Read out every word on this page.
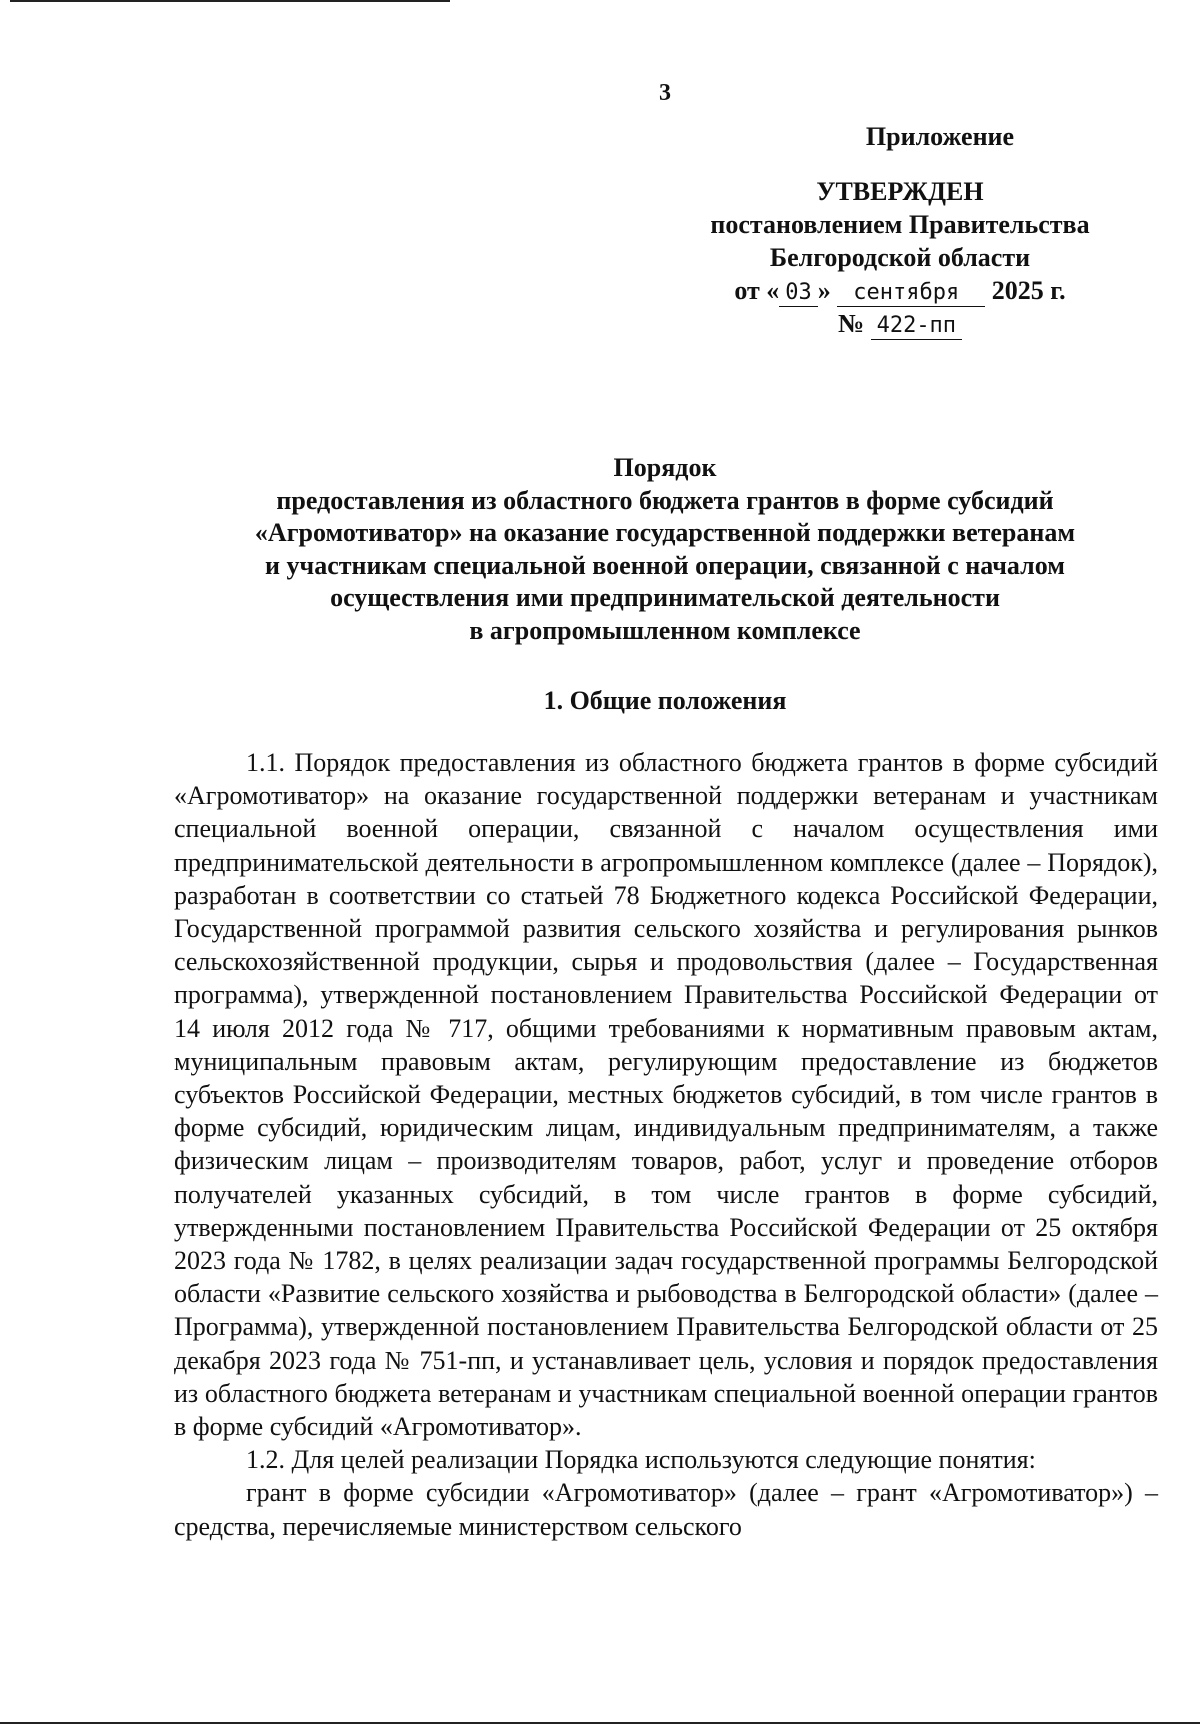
3
Приложение
УТВЕРЖДЕН
постановлением Правительства
Белгородской области
от « 03 » сентября 2025 г.
№ 422-пп
Порядок
предоставления из областного бюджета грантов в форме субсидий
«Агромотиватор» на оказание государственной поддержки ветеранам
и участникам специальной военной операции, связанной с началом
осуществления ими предпринимательской деятельности
в агропромышленном комплексе
1. Общие положения

1.1. Порядок предоставления из областного бюджета грантов в форме субсидий «Агромотиватор» на оказание государственной поддержки ветеранам и участникам специальной военной операции, связанной с началом осуществления ими предпринимательской деятельности в агропромышленном комплексе (далее – Порядок), разработан в соответствии со статьей 78 Бюджетного кодекса Российской Федерации, Государственной программой развития сельского хозяйства и регулирования рынков сельскохозяйственной продукции, сырья и продовольствия (далее – Государственная программа), утвержденной постановлением Правительства Российской Федерации от 14 июля 2012 года № 717, общими требованиями к нормативным правовым актам, муниципальным правовым актам, регулирующим предоставление из бюджетов субъектов Российской Федерации, местных бюджетов субсидий, в том числе грантов в форме субсидий, юридическим лицам, индивидуальным предпринимателям, а также физическим лицам – производителям товаров, работ, услуг и проведение отборов получателей указанных субсидий, в том числе грантов в форме субсидий, утвержденными постановлением Правительства Российской Федерации от 25 октября 2023 года № 1782, в целях реализации задач государственной программы Белгородской области «Развитие сельского хозяйства и рыбоводства в Белгородской области» (далее – Программа), утвержденной постановлением Правительства Белгородской области от 25 декабря 2023 года № 751-пп, и устанавливает цель, условия и порядок предоставления из областного бюджета ветеранам и участникам специальной военной операции грантов в форме субсидий «Агромотиватор».

1.2. Для целей реализации Порядка используются следующие понятия:

грант в форме субсидии «Агромотиватор» (далее – грант «Агромотиватор») – средства, перечисляемые министерством сельского
